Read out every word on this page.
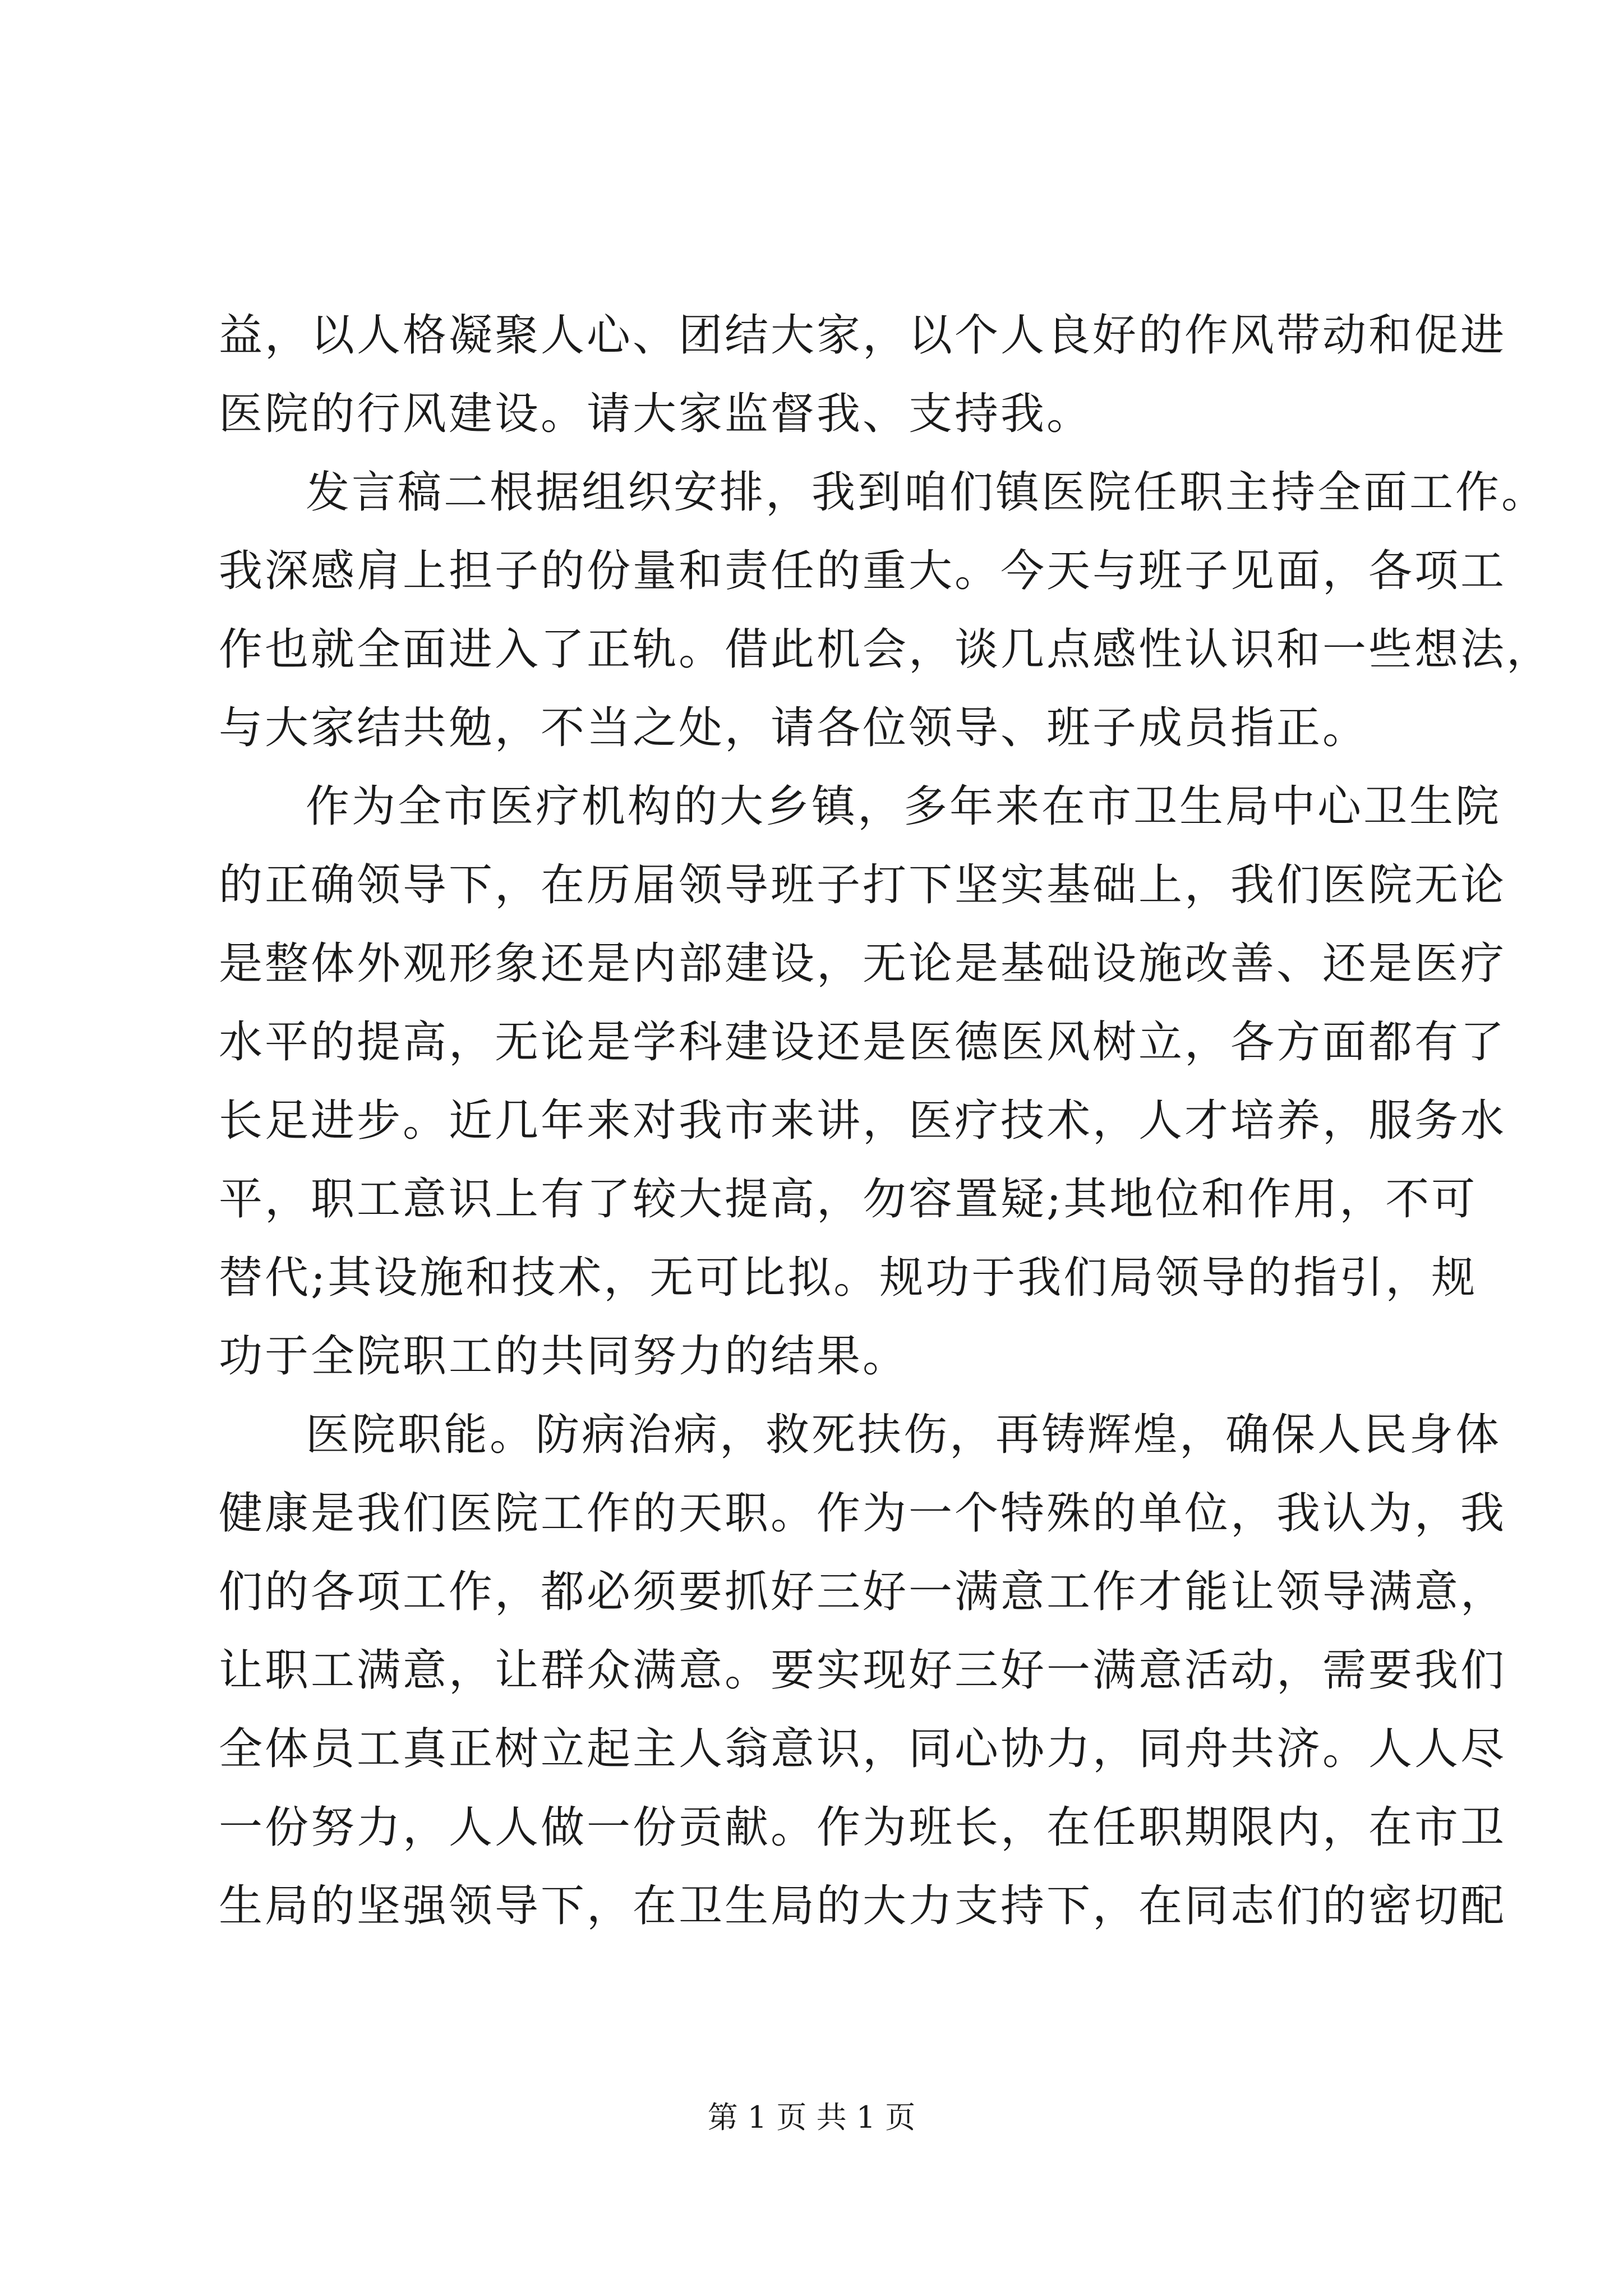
益，以人格凝聚人心、团结大家，以个人良好的作风带动和促进
医院的行风建设。请大家监督我、支持我。
发言稿二根据组织安排，我到咱们镇医院任职主持全面工作。
我深感肩上担子的份量和责任的重大。今天与班子见面，各项工
作也就全面进入了正轨。借此机会，谈几点感性认识和一些想法，
与大家结共勉，不当之处，请各位领导、班子成员指正。
作为全市医疗机构的大乡镇，多年来在市卫生局中心卫生院
的正确领导下，在历届领导班子打下坚实基础上，我们医院无论
是整体外观形象还是内部建设，无论是基础设施改善、还是医疗
水平的提高，无论是学科建设还是医德医风树立，各方面都有了
长足进步。近几年来对我市来讲，医疗技术，人才培养，服务水
平，职工意识上有了较大提高，勿容置疑;其地位和作用，不可
替代;其设施和技术，无可比拟。规功于我们局领导的指引，规
功于全院职工的共同努力的结果。
医院职能。防病治病，救死扶伤，再铸辉煌，确保人民身体
健康是我们医院工作的天职。作为一个特殊的单位，我认为，我
们的各项工作，都必须要抓好三好一满意工作才能让领导满意，
让职工满意，让群众满意。要实现好三好一满意活动，需要我们
全体员工真正树立起主人翁意识，同心协力，同舟共济。人人尽
一份努力，人人做一份贡献。作为班长，在任职期限内，在市卫
生局的坚强领导下，在卫生局的大力支持下，在同志们的密切配
第 1 页 共 1 页
